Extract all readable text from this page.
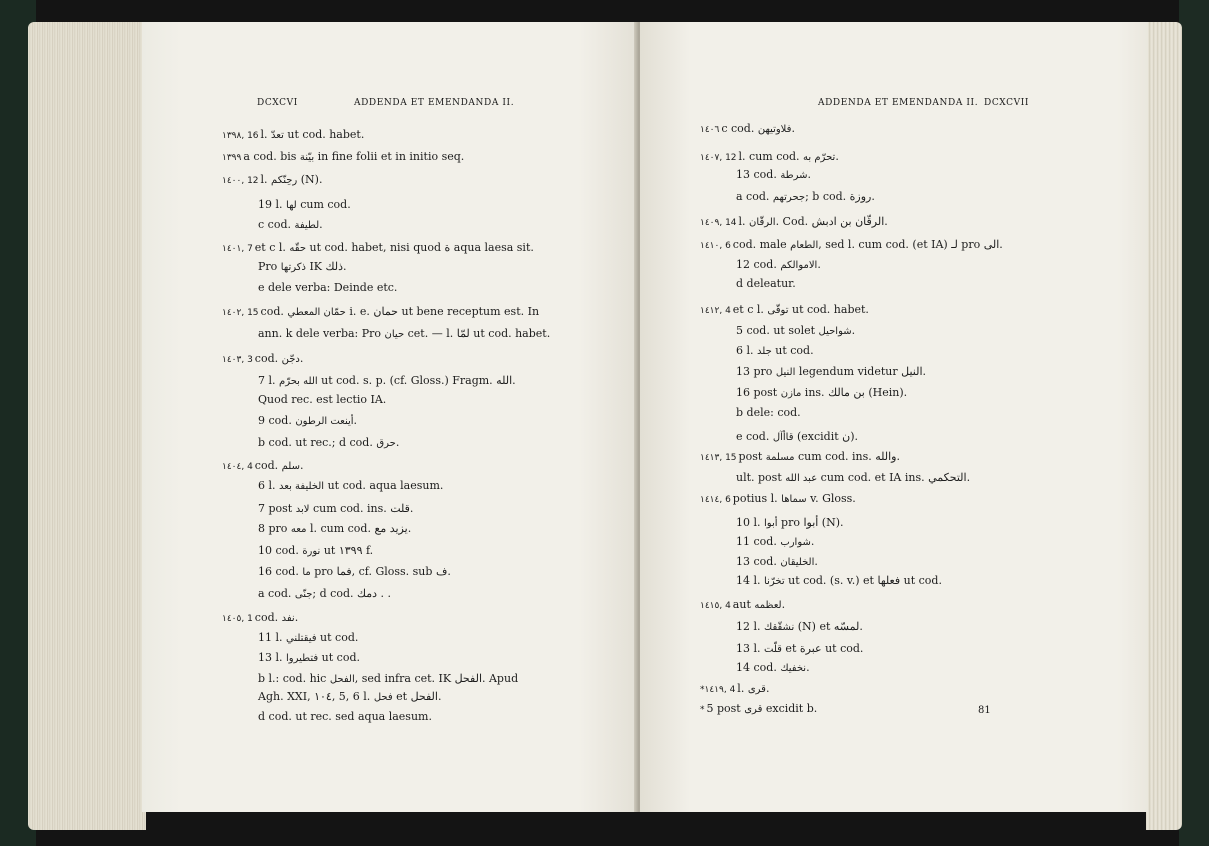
DCXCVI	ADDENDA ET EMENDANDA II.
١٣٩٨, 16 l. تعدّ ut cod. habet.
١٣٩٩ a cod. bis بيّنة in fine folii et in initio seq.
١٤٠٠, 12 l. رحِنّكم (N).
19 l. لها cum cod.
c cod. لطيفة.
١٤٠١, 7 et c l. حقّه ut cod. habet, nisi quod ﺓ aqua laesa sit.
Pro ذكرتها IK ذلك.
e dele verba: Deinde etc.
١٤٠٢, 15 cod. حمّان المعطي i. e. حمان ut bene receptum est. In
ann. k dele verba: Pro حيان cet. — l. لمّا ut cod. habet.
١٤٠٣, 3 cod. دجّن.
7 l. الله بحرّم ut cod. s. p. (cf. Gloss.) Fragm. الله.
Quod rec. est lectio IA.
9 cod. أينعت الرطون.
b cod. ut rec.; d cod. حرق.
١٤٠٤, 4 cod. سلم.
6 l. الخليفة بعد ut cod. aqua laesum.
7 post لابد cum cod. ins. قلت.
8 pro معه l. cum cod. يزيد مع.
10 cod. نورة ut ١٣٩٩ f.
16 cod. ما pro فما, cf. Gloss. sub ف.
a cod. جنّى; d cod. دمك . .
١٤٠٥, 1 cod. نفد.
11 l. فيقتلني ut cod.
13 l. فتطيروا ut cod.
b l.: cod. hic الفحل, sed infra cet. IK الفحل. Apud
Agh. XXI, ١٠٤, 5, 6 l. فحل et الفحل.
d cod. ut rec. sed aqua laesum.
ADDENDA ET EMENDANDA II. DCXCVII
١٤٠٦ c cod. فلاوتيهن.
١٤٠٧, 12 l. cum cod. تحرّم به.
13 cod. شرطة.
a cod. جحرتهم; b cod. روزة.
١٤٠٩, 14 l. الرقّان. Cod. الرقّان بن ادبش.
١٤١٠, 6 cod. male الطعام, sed l. cum cod. (et IA) لـ pro الى.
12 cod. الاموالكم.
d deleatur.
١٤١٢, 4 et c l. توقّى ut cod. habet.
5 cod. ut solet شواحيل.
6 l. جلد ut cod.
13 pro النيل legendum videtur النيل.
16 post مازن ins. بن مالك (Hein).
b dele: cod.
e cod. قاأآل (excidit ن).
١٤١٣, 15 post مسلمة cum cod. ins. والله.
ult. post عبد الله cum cod. et IA ins. التحكمي.
١٤١٤, 6 potius l. سماها v. Gloss.
10 l. أبوا pro أبوا (N).
11 cod. شوارب.
13 cod. الخليقان.
14 l. تخرّنا ut cod. (s. v.) et فعلها ut cod.
١٤١٥, 4 aut لعظمه.
12 l. نشقّقك (N) et لمسّه.
13 l. قلّت et عبرة ut cod.
14 cod. نخفيك.
*١٤١٩, 4 l. قرى.
* 5 post قرى excidit b.	81
